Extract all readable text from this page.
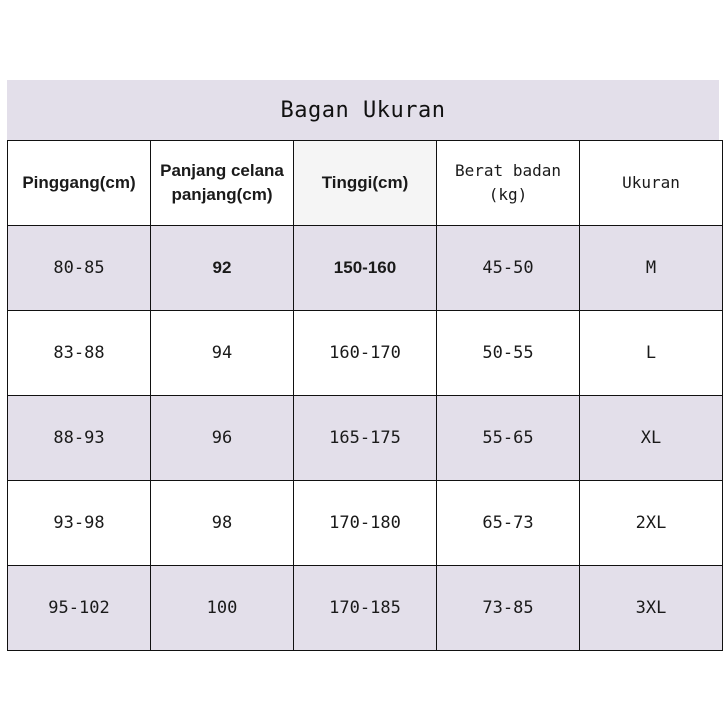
Bagan Ukuran
Pinggang(cm)	Panjang celana panjang(cm)	Tinggi(cm)	Berat badan (kg)	Ukuran
80-85	92	150-160	45-50	M
83-88	94	160-170	50-55	L
88-93	96	165-175	55-65	XL
93-98	98	170-180	65-73	2XL
95-102	100	170-185	73-85	3XL
